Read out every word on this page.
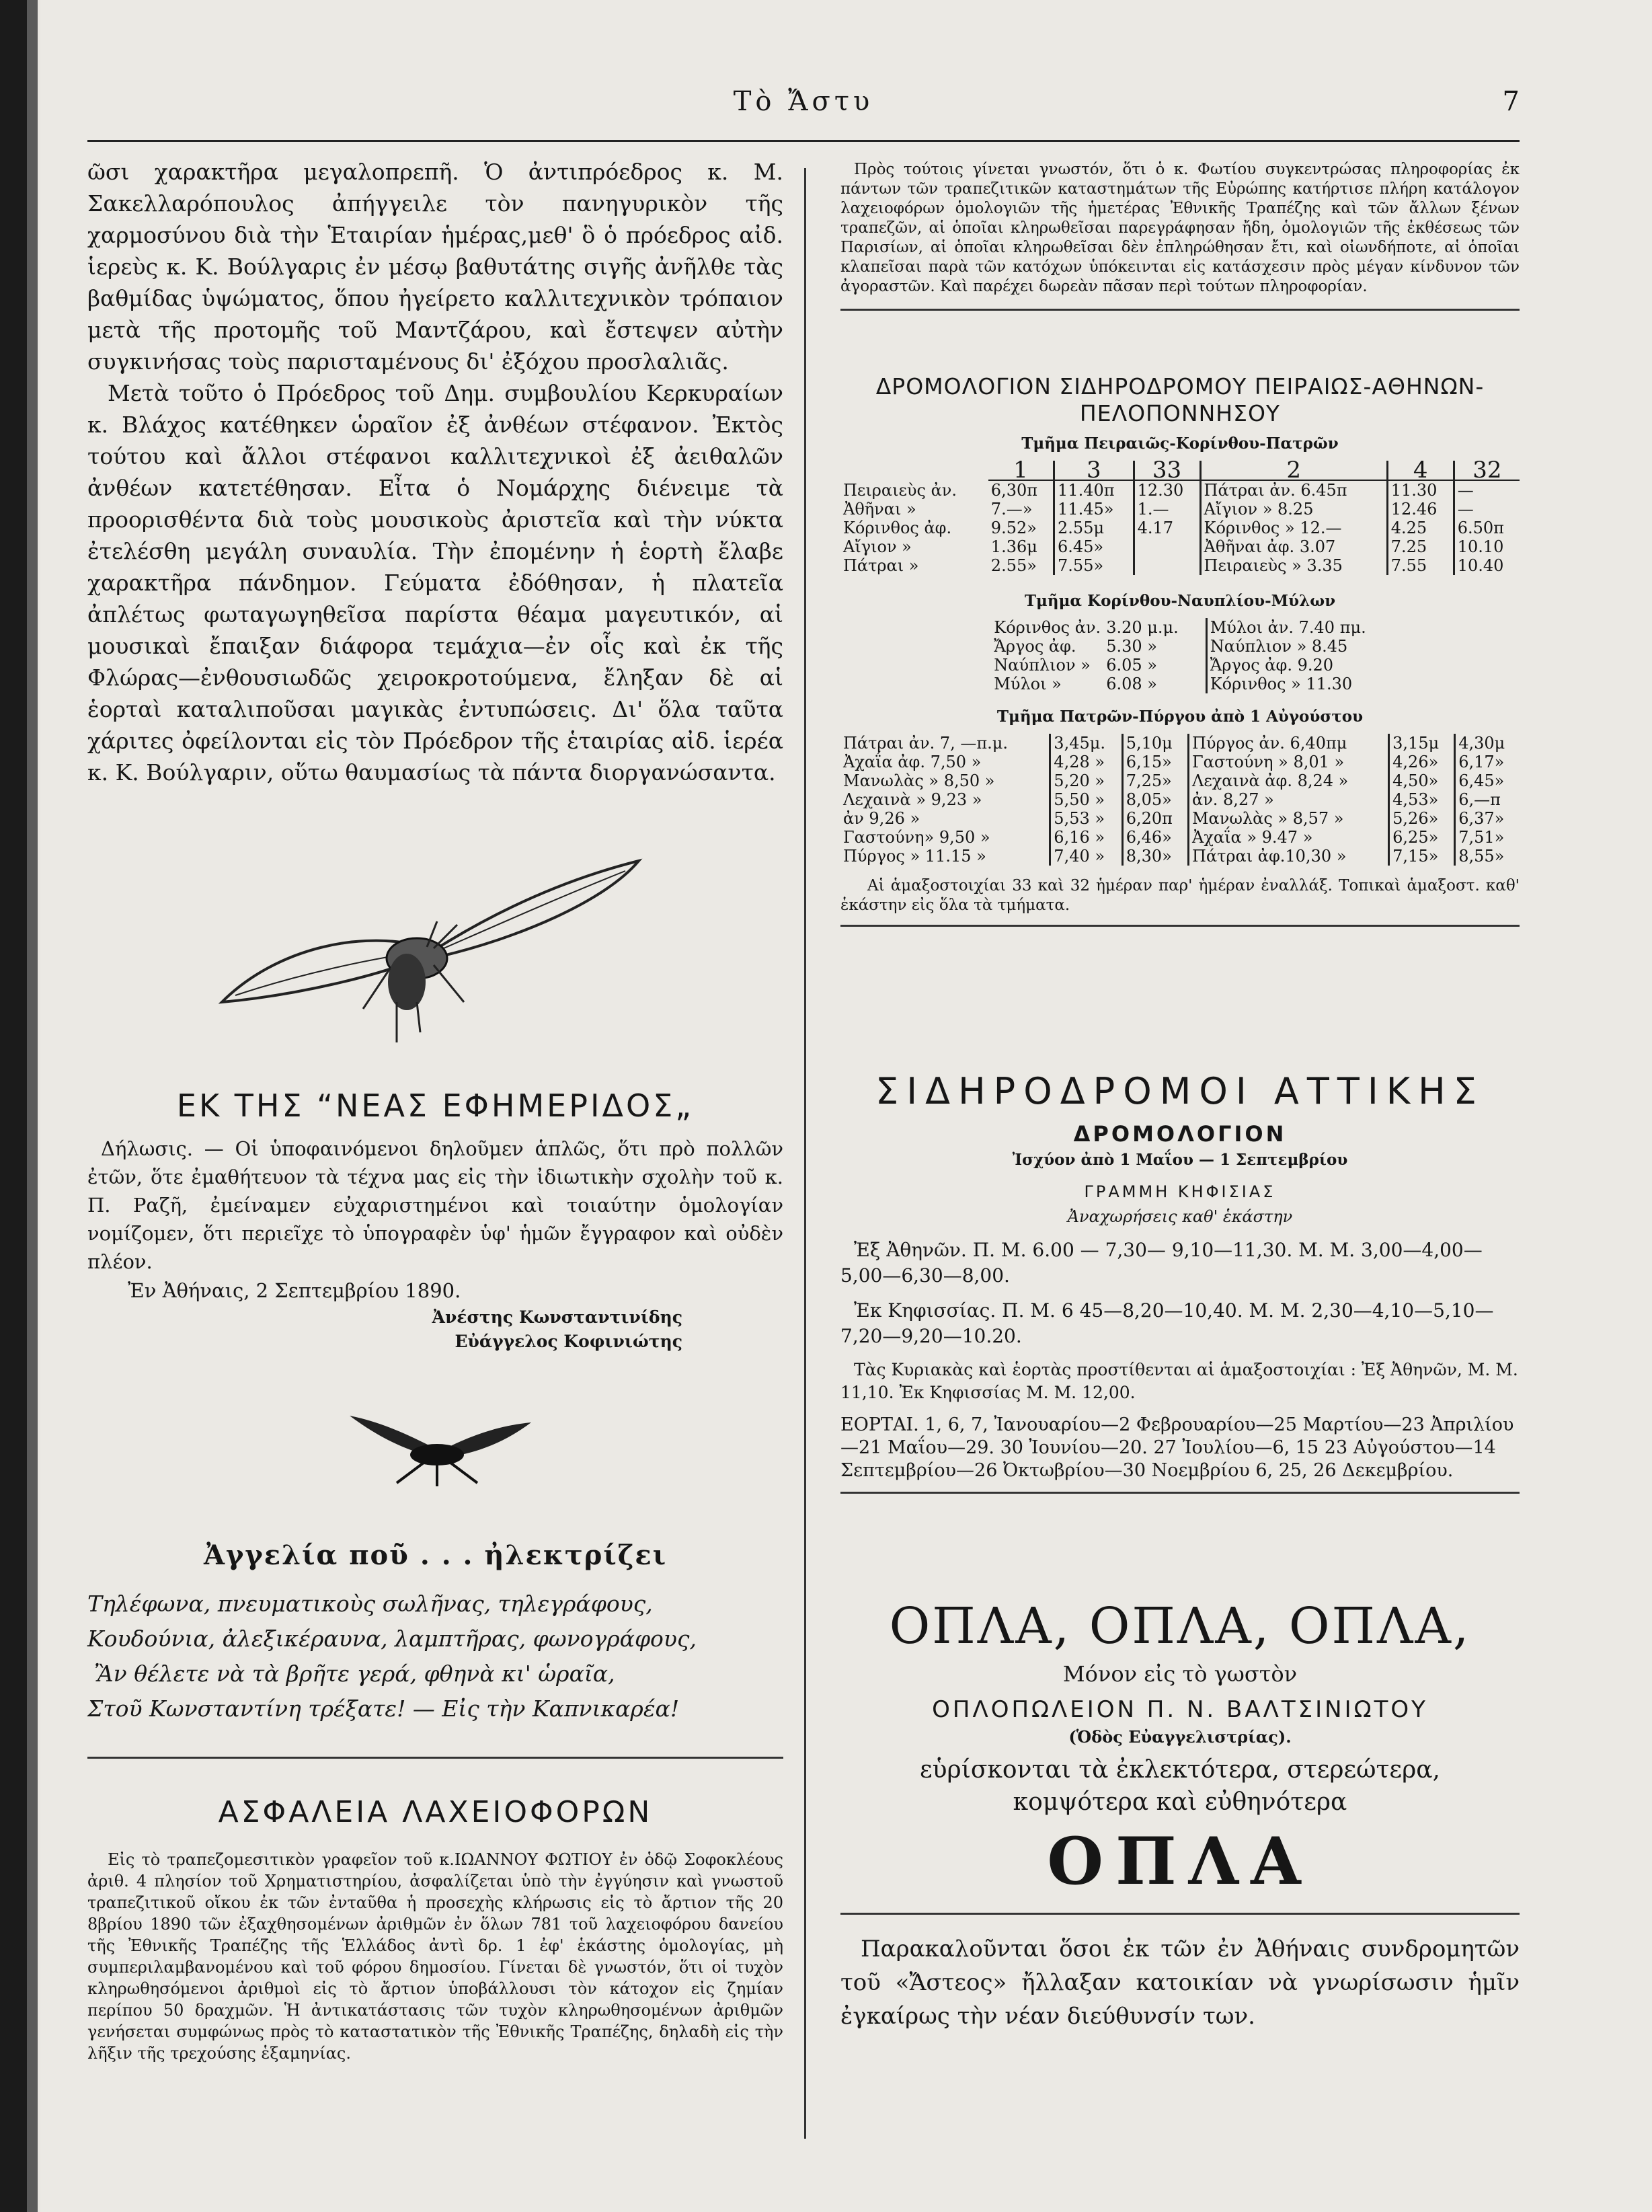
Τὸ Ἄστυ	7

ῶσι χαρακτῆρα μεγαλοπρεπῆ. Ὁ ἀντιπρόεδρος κ. Μ. Σακελλαρόπουλος ἀπήγγειλε τὸν πανηγυρικὸν τῆς χαρμοσύνου διὰ τὴν Ἑταιρίαν ἡμέρας,μεθ' ὃ ὁ πρόεδρος αἰδ. ἱερεὺς κ. Κ. Βούλγαρις ἐν μέσῳ βαθυτάτης σιγῆς ἀνῆλθε τὰς βαθμίδας ὑψώματος, ὅπου ἠγείρετο καλλιτεχνικὸν τρόπαιον μετὰ τῆς προτομῆς τοῦ Μαντζάρου, καὶ ἔστεψεν αὐτὴν συγκινήσας τοὺς παρισταμένους δι' ἐξόχου προσλαλιᾶς.

Μετὰ τοῦτο ὁ Πρόεδρος τοῦ Δημ. συμβουλίου Κερκυραίων κ. Βλάχος κατέθηκεν ὡραῖον ἐξ ἀνθέων στέφανον. Ἐκτὸς τούτου καὶ ἄλλοι στέφανοι καλλιτεχνικοὶ ἐξ ἀειθαλῶν ἀνθέων κατετέθησαν. Εἶτα ὁ Νομάρχης διένειμε τὰ προορισθέντα διὰ τοὺς μουσικοὺς ἀριστεῖα καὶ τὴν νύκτα ἐτελέσθη μεγάλη συναυλία. Τὴν ἐπομένην ἡ ἑορτὴ ἔλαβε χαρακτῆρα πάνδημον. Γεύματα ἐδόθησαν, ἡ πλατεῖα ἀπλέτως φωταγωγηθεῖσα παρίστα θέαμα μαγευτικόν, αἱ μουσικαὶ ἔπαιξαν διάφορα τεμάχια—ἐν οἷς καὶ ἐκ τῆς Φλώρας—ἐνθουσιωδῶς χειροκροτούμενα, ἔληξαν δὲ αἱ ἑορταὶ καταλιποῦσαι μαγικὰς ἐντυπώσεις. Δι' ὅλα ταῦτα χάριτες ὀφείλονται εἰς τὸν Πρόεδρον τῆς ἑταιρίας αἰδ. ἱερέα κ. Κ. Βούλγαριν, οὕτω θαυμασίως τὰ πάντα διοργανώσαντα.

ΕΚ ΤΗΣ “ΝΕΑΣ ΕΦΗΜΕΡΙΔΟΣ„

Δήλωσις. — Οἱ ὑποφαινόμενοι δηλοῦμεν ἁπλῶς, ὅτι πρὸ πολλῶν ἐτῶν, ὅτε ἐμαθήτευον τὰ τέχνα μας εἰς τὴν ἰδιωτικὴν σχολὴν τοῦ κ. Π. Ραζῆ, ἐμείναμεν εὐχαριστημένοι καὶ τοιαύτην ὁμολογίαν νομίζομεν, ὅτι περιεῖχε τὸ ὑπογραφὲν ὑφ' ἡμῶν ἔγγραφον καὶ οὐδὲν πλέον.

Ἐν Ἀθήναις, 2 Σεπτεμβρίου 1890.

Ἀνέστης Κωνσταντινίδης

Εὐάγγελος Κοφινιώτης

Ἀγγελία ποῦ . . . ἠλεκτρίζει

Τηλέφωνα, πνευματικοὺς σωλῆνας, τηλεγράφους,

Κουδούνια, ἀλεξικέραυνα, λαμπτῆρας, φωνογράφους,

Ἂν θέλετε νὰ τὰ βρῆτε γερά, φθηνὰ κι' ὡραῖα,

Στοῦ Κωνσταντίνη τρέξατε! — Εἰς τὴν Καπνικαρέα!

ΑΣΦΑΛΕΙΑ ΛΑΧΕΙΟΦΟΡΩΝ

Εἰς τὸ τραπεζομεσιτικὸν γραφεῖον τοῦ κ.ΙΩΑΝΝΟΥ ΦΩΤΙΟΥ ἐν ὁδῷ Σοφοκλέους ἀριθ. 4 πλησίον τοῦ Χρηματιστηρίου, ἀσφαλίζεται ὑπὸ τὴν ἐγγύησιν καὶ γνωστοῦ τραπεζιτικοῦ οἴκου ἐκ τῶν ἐνταῦθα ἡ προσεχὴς κλήρωσις εἰς τὸ ἄρτιον τῆς 20 8βρίου 1890 τῶν ἐξαχθησομένων ἀριθμῶν ἐν ὅλων 781 τοῦ λαχειοφόρου δανείου τῆς Ἐθνικῆς Τραπέζης τῆς Ἑλλάδος ἀντὶ δρ. 1 ἐφ' ἑκάστης ὁμολογίας, μὴ συμπεριλαμβανομένου καὶ τοῦ φόρου δημοσίου. Γίνεται δὲ γνωστόν, ὅτι οἱ τυχὸν κληρωθησόμενοι ἀριθμοὶ εἰς τὸ ἄρτιον ὑποβάλλουσι τὸν κάτοχον εἰς ζημίαν περίπου 50 δραχμῶν. Ἡ ἀντικατάστασις τῶν τυχὸν κληρωθησομένων ἀριθμῶν γενήσεται συμφώνως πρὸς τὸ καταστατικὸν τῆς Ἐθνικῆς Τραπέζης, δηλαδὴ εἰς τὴν λῆξιν τῆς τρεχούσης ἑξαμηνίας.

Πρὸς τούτοις γίνεται γνωστόν, ὅτι ὁ κ. Φωτίου συγκεντρώσας πληροφορίας ἐκ πάντων τῶν τραπεζιτικῶν καταστημάτων τῆς Εὐρώπης κατήρτισε πλήρη κατάλογον λαχειοφόρων ὁμολογιῶν τῆς ἡμετέρας Ἐθνικῆς Τραπέζης καὶ τῶν ἄλλων ξένων τραπεζῶν, αἱ ὁποῖαι κληρωθεῖσαι παρεγράφησαν ἤδη, ὁμολογιῶν τῆς ἐκθέσεως τῶν Παρισίων, αἱ ὁποῖαι κληρωθεῖσαι δὲν ἐπληρώθησαν ἔτι, καὶ οἰωνδήποτε, αἱ ὁποῖαι κλαπεῖσαι παρὰ τῶν κατόχων ὑπόκεινται εἰς κατάσχεσιν πρὸς μέγαν κίνδυνον τῶν ἀγοραστῶν. Καὶ παρέχει δωρεὰν πᾶσαν περὶ τούτων πληροφορίαν.

ΔΡΟΜΟΛΟΓΙΟΝ ΣΙΔΗΡΟΔΡΟΜΟΥ ΠΕΙΡΑΙΩΣ-ΑΘΗΝΩΝ-ΠΕΛΟΠΟΝΝΗΣΟΥ
Τμῆμα Πειραιῶς-Κορίνθου-Πατρῶν
	1	3	33	2	4	32
Πειραιεὺς ἀν.	6,30π	11.40π	12.30	Πάτραι ἀν. 6.45π	11.30	—
Ἀθῆναι »	7.—»	11.45»	1.—	Αἴγιον » 8.25	12.46	—
Κόρινθος ἀφ.	9.52»	2.55μ	4.17	Κόρινθος » 12.—	4.25	6.50π
Αἴγιον »	1.36μ	6.45»		Ἀθῆναι ἀφ. 3.07	7.25	10.10
Πάτραι »	2.55»	7.55»		Πειραιεὺς » 3.35	7.55	10.40
Τμῆμα Κορίνθου-Ναυπλίου-Μύλων
Κόρινθος ἀν.	3.20 μ.μ.	Μύλοι ἀν. 7.40 πμ.
Ἄργος ἀφ.	5.30 »	Ναύπλιον » 8.45
Ναύπλιον »	6.05 »	Ἄργος ἀφ. 9.20
Μύλοι »	6.08 »	Κόρινθος » 11.30
Τμῆμα Πατρῶν-Πύργου ἀπὸ 1 Αὐγούστου
Πάτραι ἀν. 7, —π.μ.	3,45μ.	5,10μ	Πύργος ἀν. 6,40πμ	3,15μ	4,30μ
Ἀχαΐα ἀφ. 7,50 »	4,28 »	6,15»	Γαστούνη » 8,01 »	4,26»	6,17»
Μανωλὰς » 8,50 »	5,20 »	7,25»	Λεχαινὰ ἀφ. 8,24 »	4,50»	6,45»
Λεχαινὰ » 9,23 »	5,50 »	8,05»	ἀν. 8,27 »	4,53»	6,—π
ἀν 9,26 »	5,53 »	6,20π	Μανωλὰς » 8,57 »	5,26»	6,37»
Γαστούνη» 9,50 »	6,16 »	6,46»	Ἀχαΐα » 9.47 »	6,25»	7,51»
Πύργος » 11.15 »	7,40 »	8,30»	Πάτραι ἀφ.10,30 »	7,15»	8,55»

Αἱ ἁμαξοστοιχίαι 33 καὶ 32 ἡμέραν παρ' ἡμέραν ἐναλλάξ. Τοπικαὶ ἁμαξοστ. καθ' ἑκάστην εἰς ὅλα τὰ τμήματα.

ΣΙΔΗΡΟΔΡΟΜΟΙ ΑΤΤΙΚΗΣ
ΔΡΟΜΟΛΟΓΙΟΝ
Ἰσχύον ἀπὸ 1 Μαΐου — 1 Σεπτεμβρίου
ΓΡΑΜΜΗ ΚΗΦΙΣΙΑΣ
Ἀναχωρήσεις καθ' ἑκάστην

Ἐξ Ἀθηνῶν. Π. Μ. 6.00 — 7,30— 9,10—11,30. Μ. Μ. 3,00—4,00—5,00—6,30—8,00.

Ἐκ Κηφισσίας. Π. Μ. 6 45—8,20—10,40. Μ. Μ. 2,30—4,10—5,10—7,20—9,20—10.20.

Τὰς Κυριακὰς καὶ ἑορτὰς προστίθενται αἱ ἁμαξοστοιχίαι : Ἐξ Ἀθηνῶν, Μ. Μ. 11,10. Ἐκ Κηφισσίας Μ. Μ. 12,00.

ΕΟΡΤΑΙ. 1, 6, 7, Ἰανουαρίου—2 Φεβρουαρίου—25 Μαρτίου—23 Ἀπριλίου—21 Μαΐου—29. 30 Ἰουνίου—20. 27 Ἰουλίου—6, 15 23 Αὐγούστου—14 Σεπτεμβρίου—26 Ὀκτωβρίου—30 Νοεμβρίου 6, 25, 26 Δεκεμβρίου.

ΟΠΛΑ, ΟΠΛΑ, ΟΠΛΑ,
Μόνον εἰς τὸ γωστὸν
ΟΠΛΟΠΩΛΕΙΟΝ Π. Ν. ΒΑΛΤΣΙΝΙΩΤΟΥ
(Ὁδὸς Εὐαγγελιστρίας).
εὑρίσκονται τὰ ἐκλεκτότερα, στερεώτερα, κομψότερα καὶ εὐθηνότερα
ΟΠΛΑ

Παρακαλοῦνται ὅσοι ἐκ τῶν ἐν Ἀθήναις συνδρομητῶν τοῦ «Ἄστεος» ἤλλαξαν κατοικίαν νὰ γνωρίσωσιν ἡμῖν ἐγκαίρως τὴν νέαν διεύθυνσίν των.
